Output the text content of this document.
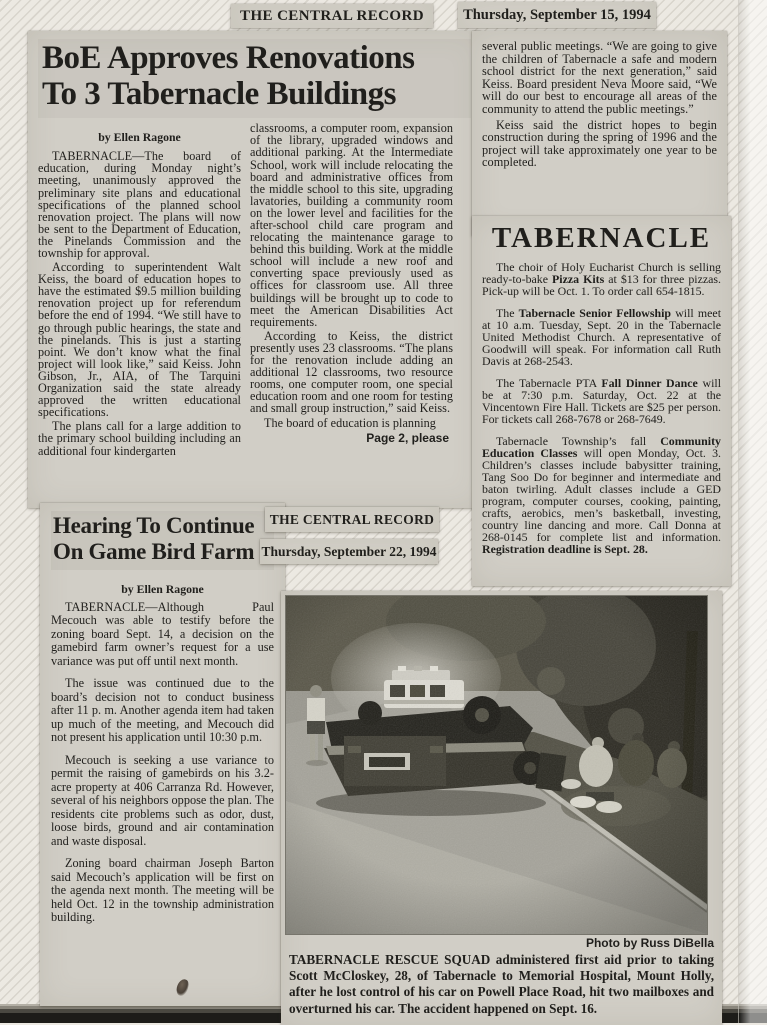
THE CENTRAL RECORD	Thursday, September 15, 1994
BoE Approves Renovations
To 3 Tabernacle Buildings
by Ellen Ragone

TABERNACLE—The board of education, during Monday night’s meeting, unanimously approved the preliminary site plans and educational specifications of the planned school renovation project. The plans will now be sent to the Department of Education, the Pinelands Commission and the township for approval.

According to superintendent Walt Keiss, the board of education hopes to have the estimated $9.5 million building renovation project up for referendum before the end of 1994. “We still have to go through public hearings, the state and the pinelands. This is just a starting point. We don’t know what the final project will look like,” said Keiss. John Gibson, Jr., AIA, of The Tarquini Organization said the state already approved the written educational specifications.

The plans call for a large addition to the primary school building including an additional four kindergarten

classrooms, a computer room, expansion of the library, upgraded windows and additional parking. At the Intermediate School, work will include relocating the board and administrative offices from the middle school to this site, upgrading lavatories, building a community room on the lower level and facilities for the after-school child care program and relocating the maintenance garage to behind this building. Work at the middle school will include a new roof and converting space previously used as offices for classroom use. All three buildings will be brought up to code to meet the American Disabilities Act requirements.

According to Keiss, the district presently uses 23 classrooms. “The plans for the renovation include adding an additional 12 classrooms, two resource rooms, one computer room, one special education room and one room for testing and small group instruction,” said Keiss.

The board of education is planning

Page 2, please

several public meetings. “We are going to give the children of Tabernacle a safe and modern school district for the next generation,” said Keiss. Board president Neva Moore said, “We will do our best to encourage all areas of the community to attend the public meetings.”

Keiss said the district hopes to begin construction during the spring of 1996 and the project will take approximately one year to be completed.

TABERNACLE

The choir of Holy Eucharist Church is selling ready-to-bake Pizza Kits at $13 for three pizzas. Pick-up will be Oct. 1. To order call 654-1815.

The Tabernacle Senior Fellowship will meet at 10 a.m. Tuesday, Sept. 20 in the Tabernacle United Methodist Church. A representative of Goodwill will speak. For information call Ruth Davis at 268-2543.

The Tabernacle PTA Fall Dinner Dance will be at 7:30 p.m. Saturday, Oct. 22 at the Vincentown Fire Hall. Tickets are $25 per person. For tickets call 268-7678 or 268-7649.

Tabernacle Township’s fall Community Education Classes will open Monday, Oct. 3. Children’s classes include babysitter training, Tang Soo Do for beginner and intermediate and baton twirling. Adult classes include a GED program, computer courses, cooking, painting, crafts, aerobics, men’s basketball, investing, country line dancing and more. Call Donna at 268-0145 for complete list and information. Registration deadline is Sept. 28.

Hearing To Continue
On Game Bird Farm
by Ellen Ragone

TABERNACLE—Although Paul Mecouch was able to testify before the zoning board Sept. 14, a decision on the gamebird farm owner’s request for a use variance was put off until next month.

The issue was continued due to the board’s decision not to conduct business after 11 p. m. Another agenda item had taken up much of the meeting, and Mecouch did not present his application until 10:30 p.m.

Mecouch is seeking a use variance to permit the raising of gamebirds on his 3.2-acre property at 406 Carranza Rd. However, several of his neighbors oppose the plan. The residents cite problems such as odor, dust, loose birds, ground and air contamination and waste disposal.

Zoning board chairman Joseph Barton said Mecouch’s application will be first on the agenda next month. The meeting will be held Oct. 12 in the township administration building.

THE CENTRAL RECORD
Thursday, September 22, 1994
Photo by Russ DiBella
TABERNACLE RESCUE SQUAD administered first aid prior to taking Scott McCloskey, 28, of Tabernacle to Memorial Hospital, Mount Holly, after he lost control of his car on Powell Place Road, hit two mailboxes and overturned his car. The accident happened on Sept. 16.
